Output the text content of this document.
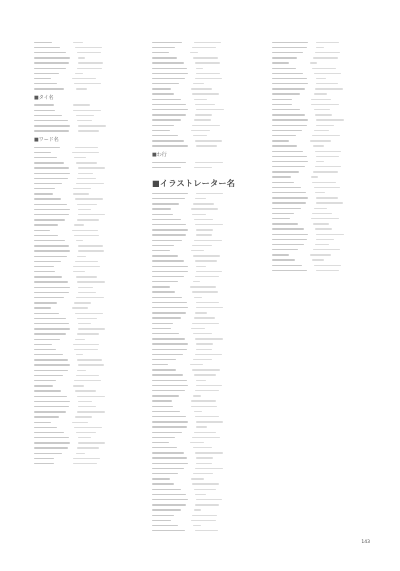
■タイ名
■ワード名
■わ行
■イラストレーター名
143
